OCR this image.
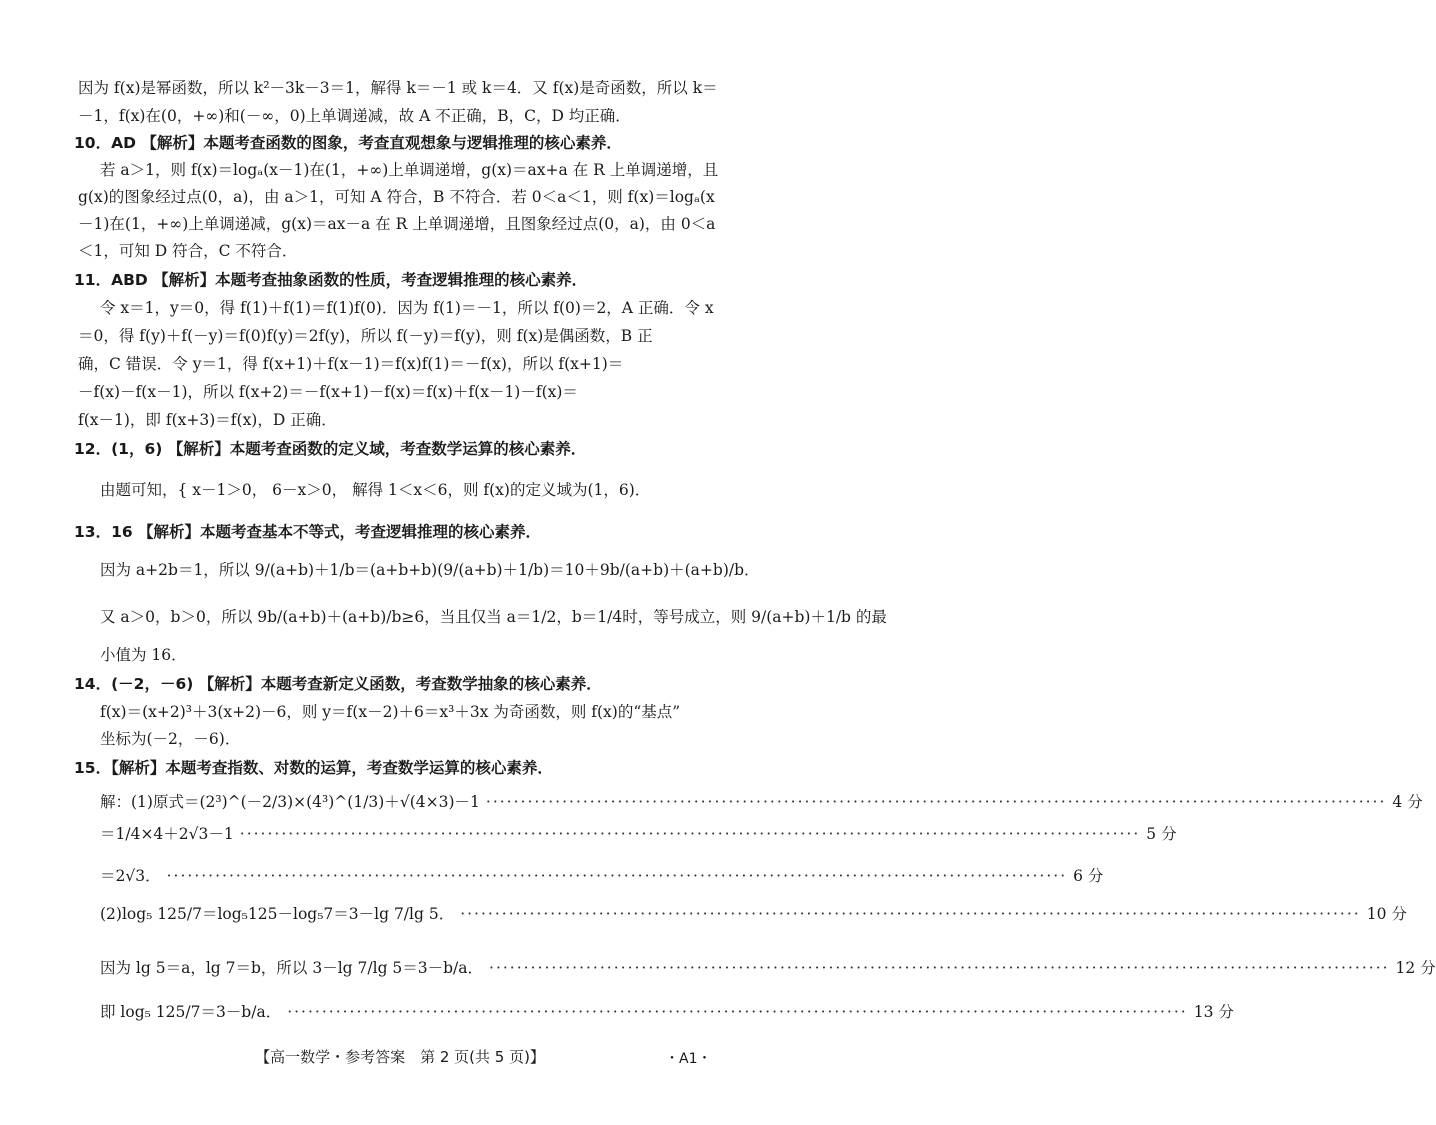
因为 f(x)是幂函数，所以 k²－3k－3＝1，解得 k＝－1 或 k＝4．又 f(x)是奇函数，所以 k＝
－1，f(x)在(0，+∞)和(－∞，0)上单调递减，故 A 不正确，B，C，D 均正确．
10．AD 【解析】本题考查函数的图象，考查直观想象与逻辑推理的核心素养．
若 a＞1，则 f(x)＝logₐ(x－1)在(1，+∞)上单调递增，g(x)＝ax+a 在 R 上单调递增，且
g(x)的图象经过点(0，a)，由 a＞1，可知 A 符合，B 不符合．若 0＜a＜1，则 f(x)＝logₐ(x
－1)在(1，+∞)上单调递减，g(x)＝ax－a 在 R 上单调递增，且图象经过点(0，a)，由 0＜a
＜1，可知 D 符合，C 不符合．
11．ABD 【解析】本题考查抽象函数的性质，考查逻辑推理的核心素养．
令 x＝1，y＝0，得 f(1)＋f(1)＝f(1)f(0)．因为 f(1)＝－1，所以 f(0)＝2，A 正确．令 x
＝0，得 f(y)＋f(－y)＝f(0)f(y)＝2f(y)，所以 f(－y)＝f(y)，则 f(x)是偶函数，B 正
确，C 错误．令 y＝1，得 f(x+1)＋f(x－1)＝f(x)f(1)＝－f(x)，所以 f(x+1)＝
－f(x)－f(x－1)，所以 f(x+2)＝－f(x+1)－f(x)＝f(x)＋f(x－1)－f(x)＝
f(x－1)，即 f(x+3)＝f(x)，D 正确．
12．(1，6) 【解析】本题考查函数的定义域，考查数学运算的核心素养．
由题可知，{ x－1＞0， 6－x＞0， 解得 1＜x＜6，则 f(x)的定义域为(1，6)．
13．16 【解析】本题考查基本不等式，考查逻辑推理的核心素养．
因为 a+2b＝1，所以 9/(a+b)＋1/b＝(a+b+b)(9/(a+b)＋1/b)＝10＋9b/(a+b)＋(a+b)/b．
又 a＞0，b＞0，所以 9b/(a+b)＋(a+b)/b≥6，当且仅当 a＝1/2，b＝1/4时，等号成立，则 9/(a+b)＋1/b 的最
小值为 16．
14．(－2，－6) 【解析】本题考查新定义函数，考查数学抽象的核心素养．
f(x)＝(x+2)³＋3(x+2)－6，则 y＝f(x－2)＋6＝x³＋3x 为奇函数，则 f(x)的“基点”
坐标为(－2，－6)．
15．【解析】本题考查指数、对数的运算，考查数学运算的核心素养．
解：(1)原式＝(2³)^(－2/3)×(4³)^(1/3)＋√(4×3)－1 ·····	4 分
＝1/4×4＋2√3－1 ·····	5 分
＝2√3． ·····	6 分
(2)log₅ 125/7＝log₅125－log₅7＝3－lg 7/lg 5． ·····	10 分
因为 lg 5＝a，lg 7＝b，所以 3－lg 7/lg 5＝3－b/a． ·····	12 分
即 log₅ 125/7＝3－b/a． ·····	13 分
【高一数学・参考答案　第 2 页(共 5 页)】	・A1・
